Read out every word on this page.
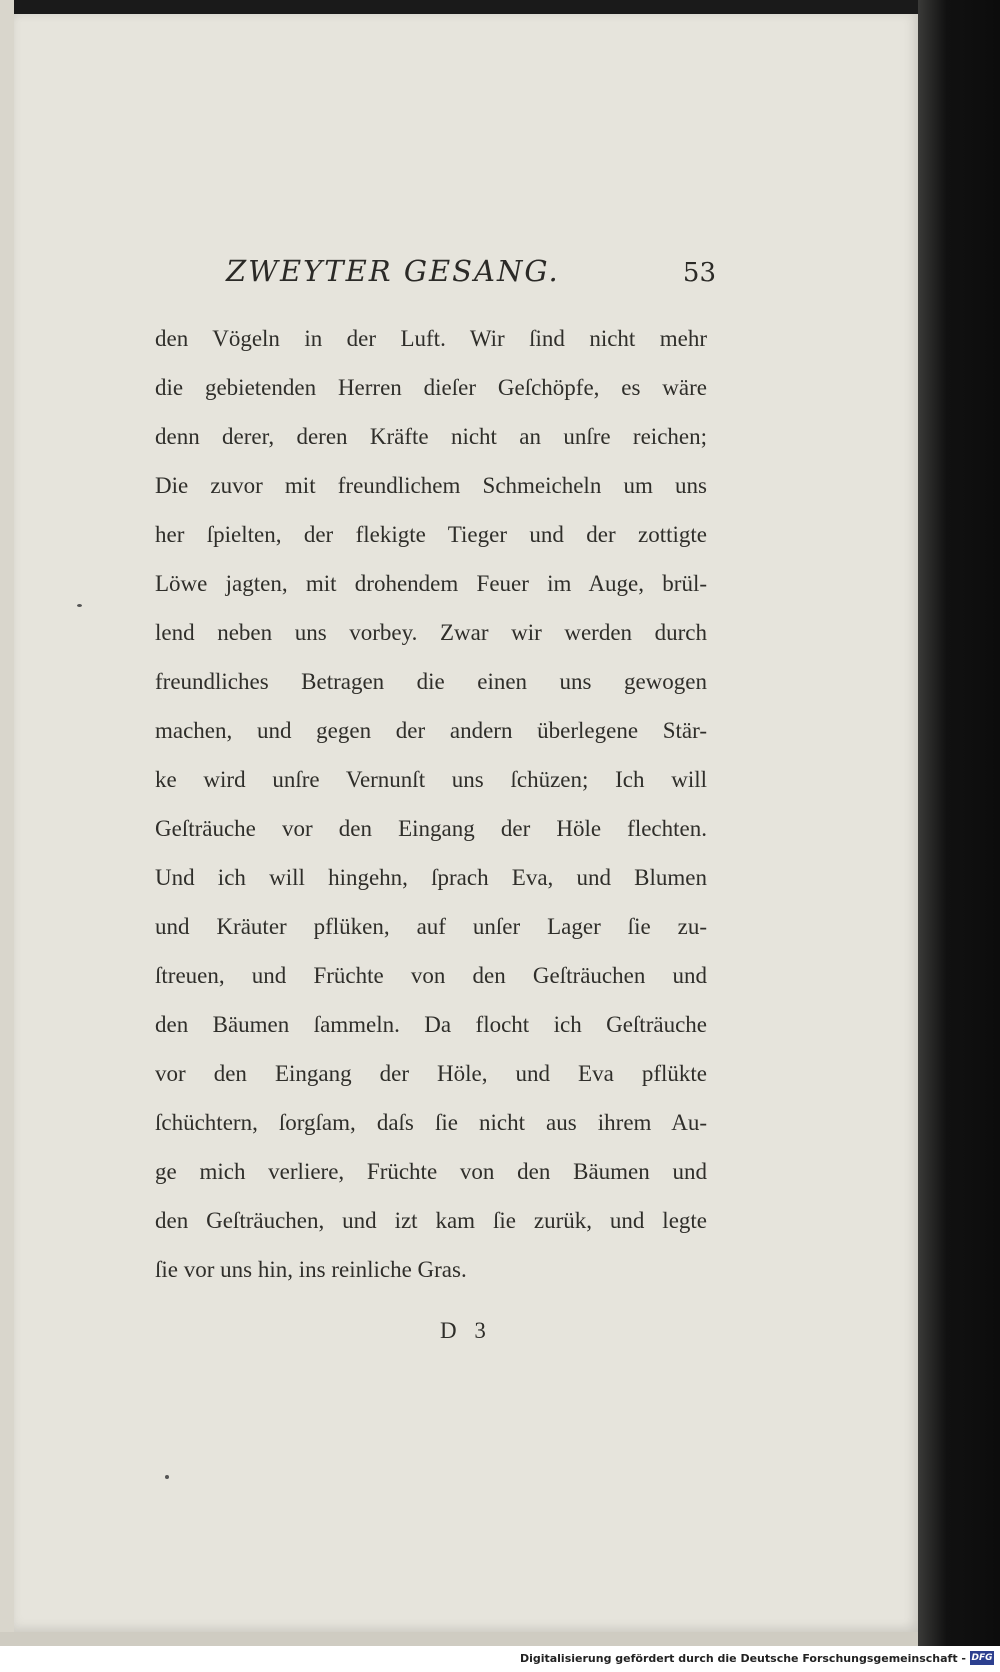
ZWEYTER GESANG.	53
den Vögeln in der Luft. Wir ſind nicht mehr
die gebietenden Herren dieſer Geſchöpfe, es wäre
denn derer, deren Kräfte nicht an unſre reichen;
Die zuvor mit freundlichem Schmeicheln um uns
her ſpielten, der flekigte Tieger und der zottigte
Löwe jagten, mit drohendem Feuer im Auge, brül-
lend neben uns vorbey. Zwar wir werden durch
freundliches Betragen die einen uns gewogen
machen, und gegen der andern überlegene Stär-
ke wird unſre Vernunſt uns ſchüzen; Ich will
Geſträuche vor den Eingang der Höle flechten.
Und ich will hingehn, ſprach Eva, und Blumen
und Kräuter pflüken, auf unſer Lager ſie zu-
ſtreuen, und Früchte von den Geſträuchen und
den Bäumen ſammeln. Da flocht ich Geſträuche
vor den Eingang der Höle, und Eva pflükte
ſchüchtern, ſorgſam, daſs ſie nicht aus ihrem Au-
ge mich verliere, Früchte von den Bäumen und
den Geſträuchen, und izt kam ſie zurük, und legte
ſie vor uns hin, ins reinliche Gras.
D 3
Digitalisierung gefördert durch die Deutsche Forschungsgemeinschaft - DFG
